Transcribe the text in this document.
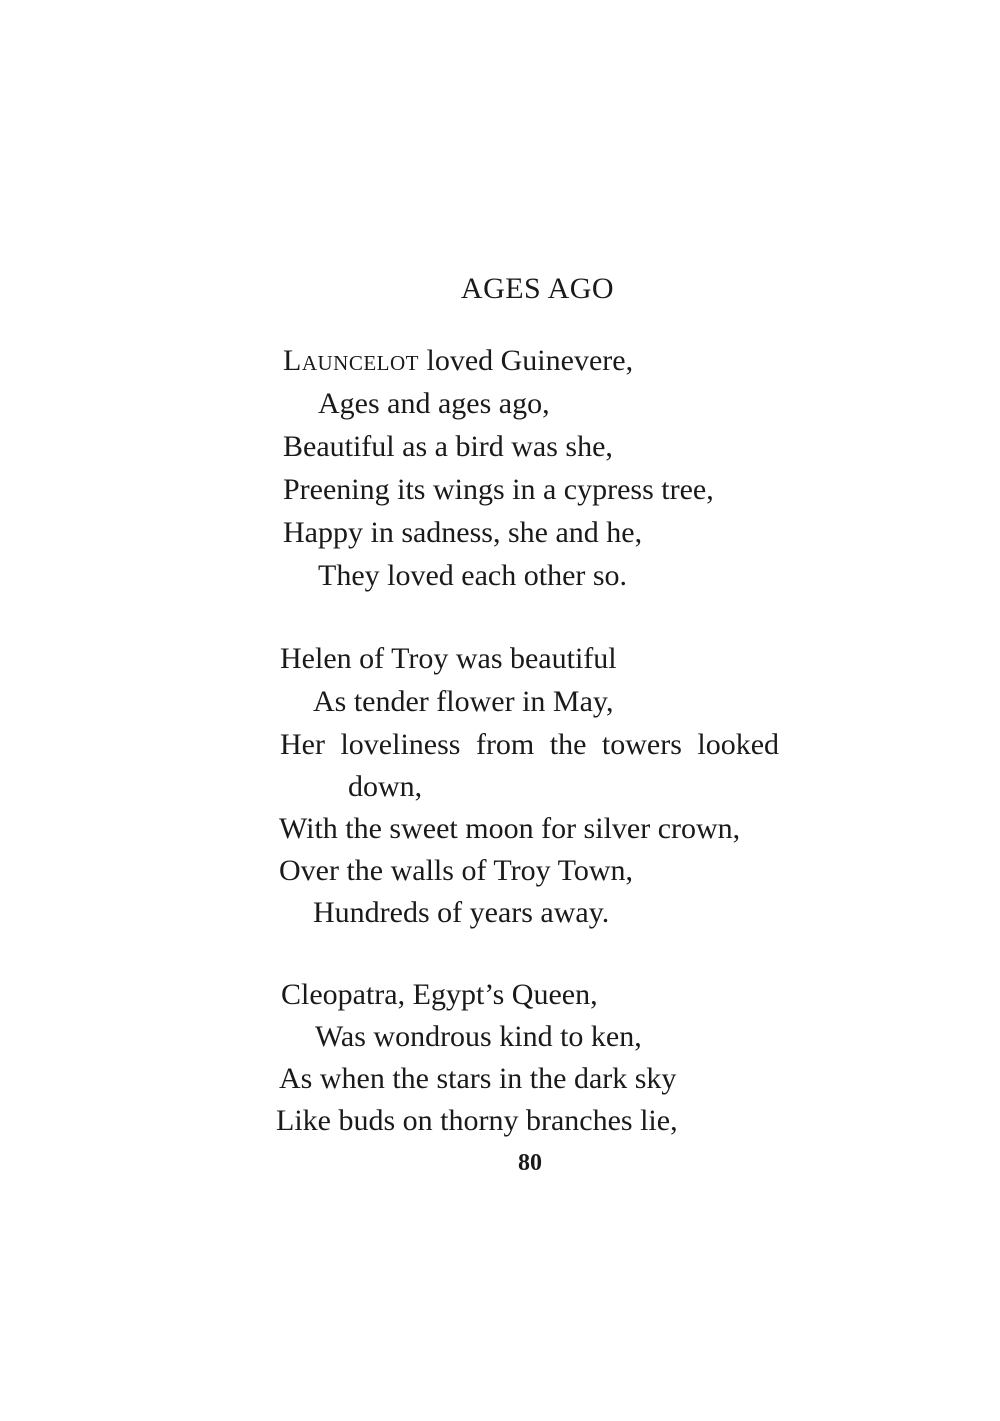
AGES AGO
Launcelot loved Guinevere,
Ages and ages ago,
Beautiful as a bird was she,
Preening its wings in a cypress tree,
Happy in sadness, she and he,
They loved each other so.
Helen of Troy was beautiful
As tender flower in May,
Her loveliness from the towers looked
down,
With the sweet moon for silver crown,
Over the walls of Troy Town,
Hundreds of years away.
Cleopatra, Egypt’s Queen,
Was wondrous kind to ken,
As when the stars in the dark sky
Like buds on thorny branches lie,
80
